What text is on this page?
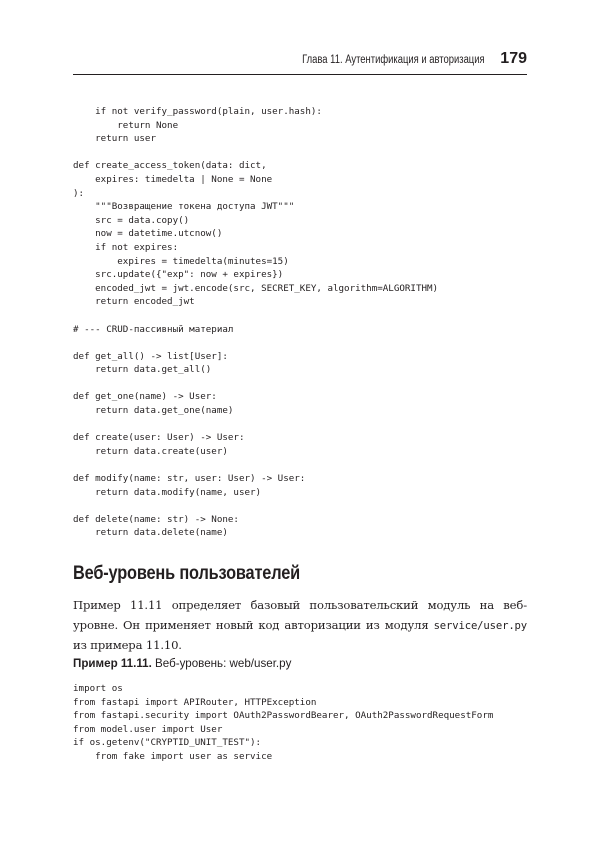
Глава 11. Аутентификация и авторизация 179
if not verify_password(plain, user.hash):
return None
return user
def create_access_token(data: dict,
expires: timedelta | None = None
):
"""Возвращение токена доступа JWT"""
src = data.copy()
now = datetime.utcnow()
if not expires:
expires = timedelta(minutes=15)
src.update({"exp": now + expires})
encoded_jwt = jwt.encode(src, SECRET_KEY, algorithm=ALGORITHM)
return encoded_jwt
# --- CRUD-пассивный материал
def get_all() -> list[User]:
return data.get_all()
def get_one(name) -> User:
return data.get_one(name)
def create(user: User) -> User:
return data.create(user)
def modify(name: str, user: User) -> User:
return data.modify(name, user)
def delete(name: str) -> None:
return data.delete(name)
Веб-уровень пользователей

Пример 11.11 определяет базовый пользовательский модуль на веб-уровне. Он применяет новый код авторизации из модуля service/user.py из примера 11.10.

Пример 11.11. Веб-уровень: web/user.py
import os
from fastapi import APIRouter, HTTPException
from fastapi.security import OAuth2PasswordBearer, OAuth2PasswordRequestForm
from model.user import User
if os.getenv("CRYPTID_UNIT_TEST"):
from fake import user as service
